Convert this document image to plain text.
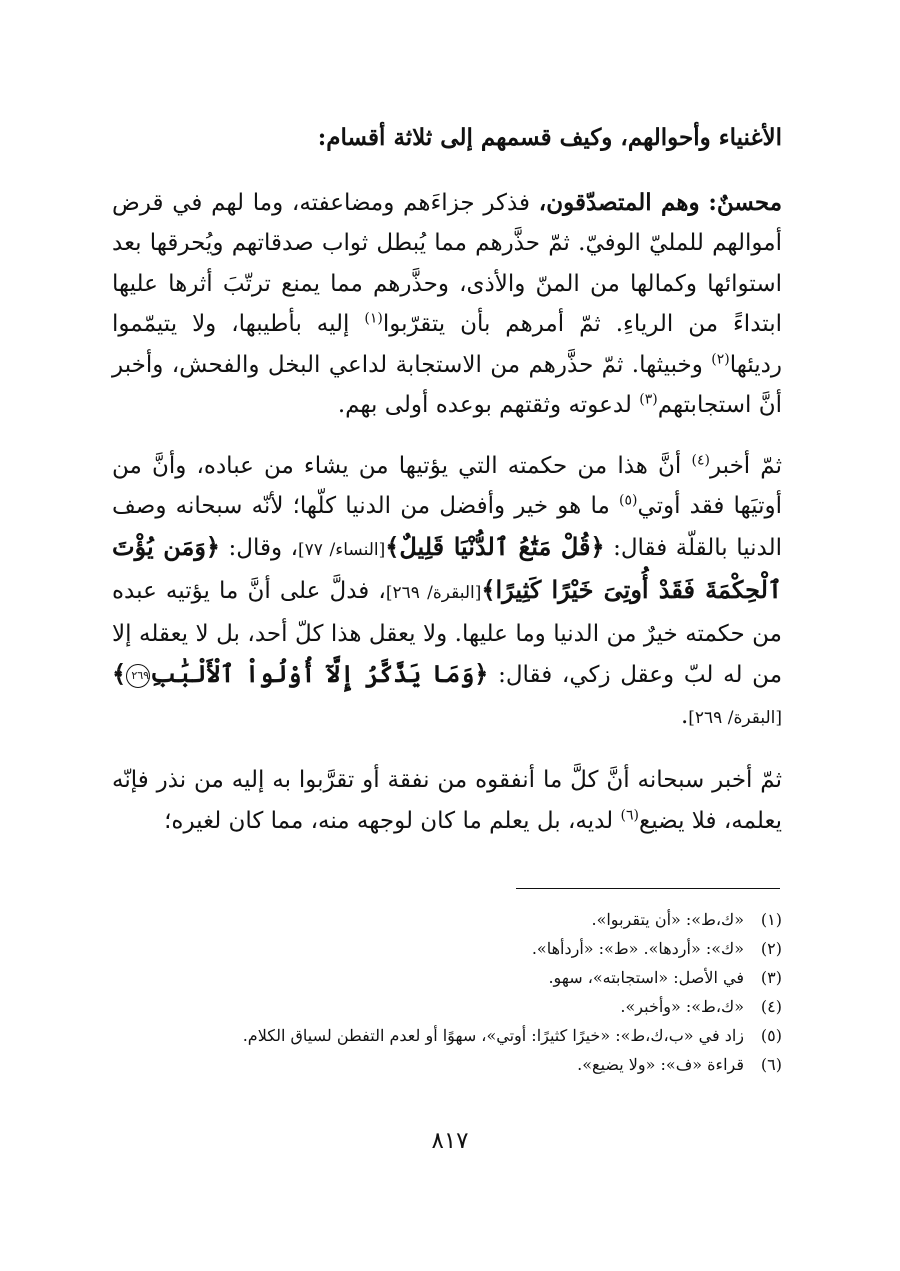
الأغنياء وأحوالهم، وكيف قسمهم إلى ثلاثة أقسام:

محسنٌ: وهم المتصدّقون، فذكر جزاءَهم ومضاعفته، وما لهم في قرض أموالهم للمليّ الوفيّ. ثمّ حذَّرهم مما يُبطل ثواب صدقاتهم ويُحرقها بعد استوائها وكمالها من المنّ والأذى، وحذَّرهم مما يمنع ترتّبَ أثرها عليها ابتداءً من الرياءِ. ثمّ أمرهم بأن يتقرّبوا$^{(١)}$ إليه بأطيبها، ولا يتيمّموا رديئها$^{(٢)}$ وخبيثها. ثمّ حذَّرهم من الاستجابة لداعي البخل والفحش، وأخبر أنَّ استجابتهم$^{(٣)}$ لدعوته وثقتهم بوعده أولى بهم.

ثمّ أخبر$^{(٤)}$ أنَّ هذا من حكمته التي يؤتيها من يشاء من عباده، وأنَّ من أوتيَها فقد أوتي$^{(٥)}$ ما هو خير وأفضل من الدنيا كلّها؛ لأنّه سبحانه وصف الدنيا بالقلّة فقال: ﴿قُلْ مَتَٰعُ ٱلدُّنْيَا قَلِيلٌ﴾[النساء/ ٧٧]، وقال: ﴿وَمَن يُؤْتَ ٱلْحِكْمَةَ فَقَدْ أُوتِىَ خَيْرًا كَثِيرًا﴾[البقرة/ ٢٦٩]، فدلَّ على أنَّ ما يؤتيه عبده من حكمته خيرٌ من الدنيا وما عليها. ولا يعقل هذا كلّ أحد، بل لا يعقله إلا من له لبّ وعقل زكي، فقال: ﴿وَمَا يَذَّكَّرُ إِلَّآ أُوْلُواْ ٱلْأَلْبَٰبِ٢٦٩﴾[البقرة/ ٢٦٩].

ثمّ أخبر سبحانه أنَّ كلَّ ما أنفقوه من نفقة أو تقرَّبوا به إليه من نذر فإنّه يعلمه، فلا يضيع$^{(٦)}$ لديه، بل يعلم ما كان لوجهه منه، مما كان لغيره؛

(١)
«ك،ط»: «أن يتقربوا».
(٢)
«ك»: «أردها». «ط»: «أردأها».
(٣)
في الأصل: «استجابته»، سهو.
(٤)
«ك،ط»: «وأخبر».
(٥)
زاد في «ب،ك،ط»: «خيرًا كثيرًا: أوتي»، سهوًا أو لعدم التفطن لسياق الكلام.
(٦)
قراءة «ف»: «ولا يضيع».
٨١٧
